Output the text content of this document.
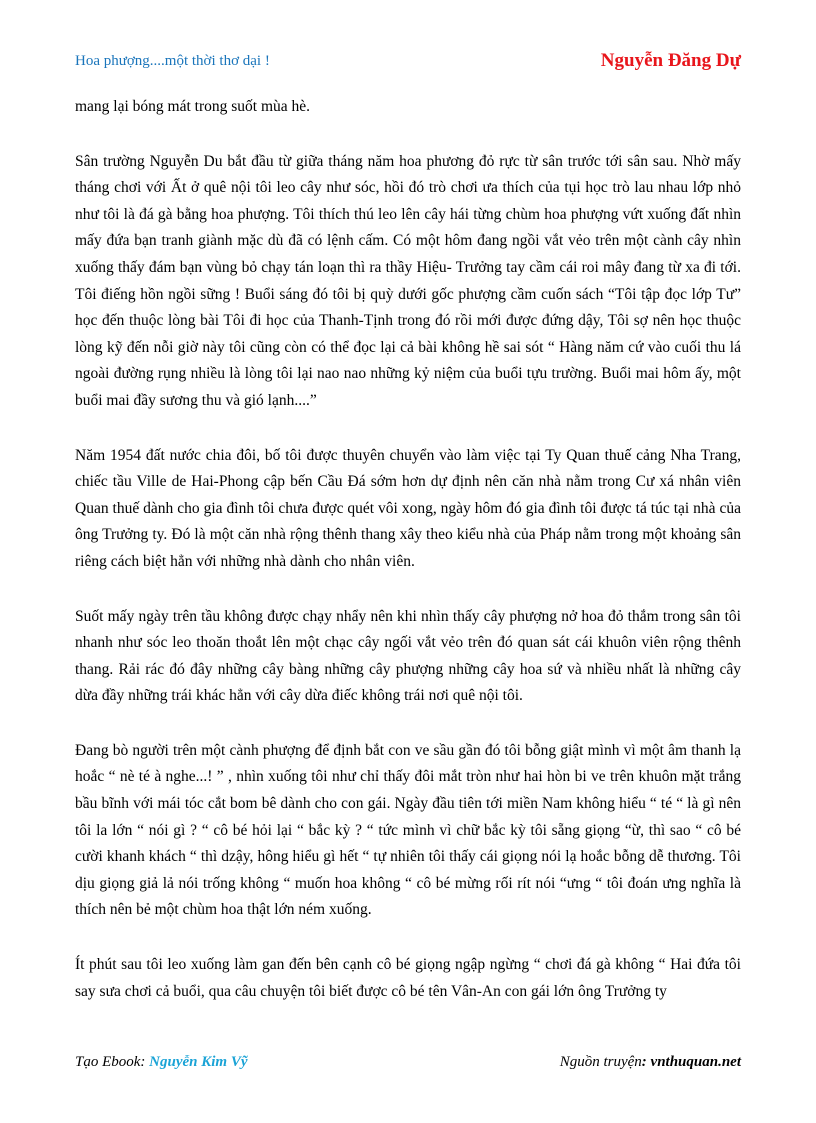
Hoa phượng....một thời thơ dại !	Nguyễn Đăng Dự

mang lại bóng mát trong suốt mùa hè.

Sân trường Nguyễn Du bắt đầu từ giữa tháng năm hoa phương đỏ rực từ sân trước tới sân sau. Nhờ mấy tháng chơi với Ất ở quê nội tôi leo cây như sóc, hồi đó trò chơi ưa thích của tụi học trò lau nhau lớp nhỏ như tôi là đá gà bằng hoa phượng. Tôi thích thú leo lên cây hái từng chùm hoa phượng vứt xuống đất nhìn mấy đứa bạn tranh giành mặc dù đã có lệnh cấm. Có một hôm đang ngồi vắt vẻo trên một cành cây nhìn xuống thấy đám bạn vùng bỏ chạy tán loạn thì ra thầy Hiệu- Trưởng tay cầm cái roi mây đang từ xa đi tới. Tôi điếng hồn ngồi sững ! Buổi sáng đó tôi bị quỳ dưới gốc phượng cầm cuốn sách “Tôi tập đọc lớp Tư” học đến thuộc lòng bài Tôi đi học của Thanh-Tịnh trong đó rồi mới được đứng dậy, Tôi sợ nên học thuộc lòng kỹ đến nỗi giờ này tôi cũng còn có thể đọc lại cả bài không hề sai sót “ Hàng năm cứ vào cuối thu lá ngoài đường rụng nhiều là lòng tôi lại nao nao những kỷ niệm của buổi tựu trường. Buổi mai hôm ấy, một buổi mai đầy sương thu và gió lạnh....”

Năm 1954 đất nước chia đôi, bố tôi được thuyên chuyển vào làm việc tại Ty Quan thuế cảng Nha Trang, chiếc tầu Ville de Hai-Phong cập bến Cầu Đá sớm hơn dự định nên căn nhà nằm trong Cư xá nhân viên Quan thuế dành cho gia đình tôi chưa được quét vôi xong, ngày hôm đó gia đình tôi được tá túc tại nhà của ông Trưởng ty. Đó là một căn nhà rộng thênh thang xây theo kiểu nhà của Pháp nằm trong một khoảng sân riêng cách biệt hẳn với những nhà dành cho nhân viên.

Suốt mấy ngày trên tầu không được chạy nhẩy nên khi nhìn thấy cây phượng nở hoa đỏ thắm trong sân tôi nhanh như sóc leo thoăn thoắt lên một chạc cây ngối vắt vẻo trên đó quan sát cái khuôn viên rộng thênh thang. Rải rác đó đây những cây bàng những cây phượng những cây hoa sứ và nhiều nhất là những cây dừa đầy những trái khác hẳn với cây dừa điếc không trái nơi quê nội tôi.

Đang bò người trên một cành phượng để định bắt con ve sầu gần đó tôi bỗng giật mình vì một âm thanh lạ hoắc “ nè té à nghe...! ” , nhìn xuống tôi như chỉ thấy đôi mắt tròn như hai hòn bi ve trên khuôn mặt trắng bầu bĩnh với mái tóc cắt bom bê dành cho con gái. Ngày đầu tiên tới miền Nam không hiểu “ té “ là gì nên tôi la lớn “ nói gì ? “ cô bé hỏi lại “ bắc kỳ ? “ tức mình vì chữ bắc kỳ tôi sẵng giọng “ừ, thì sao “ cô bé cười khanh khách “ thì dzậy, hông hiểu gì hết “ tự nhiên tôi thấy cái giọng nói lạ hoắc bỗng dễ thương. Tôi dịu giọng giả lả nói trống không “ muốn hoa không “ cô bé mừng rối rít nói “ưng “ tôi đoán ưng nghĩa là thích nên bẻ một chùm hoa thật lớn ném xuống.

Ít phút sau tôi leo xuống làm gan đến bên cạnh cô bé giọng ngập ngừng “ chơi đá gà không “ Hai đứa tôi say sưa chơi cả buổi, qua câu chuyện tôi biết được cô bé tên Vân-An con gái lớn ông Trưởng ty

Tạo Ebook: Nguyễn Kim Vỹ	Nguồn truyện: vnthuquan.net
